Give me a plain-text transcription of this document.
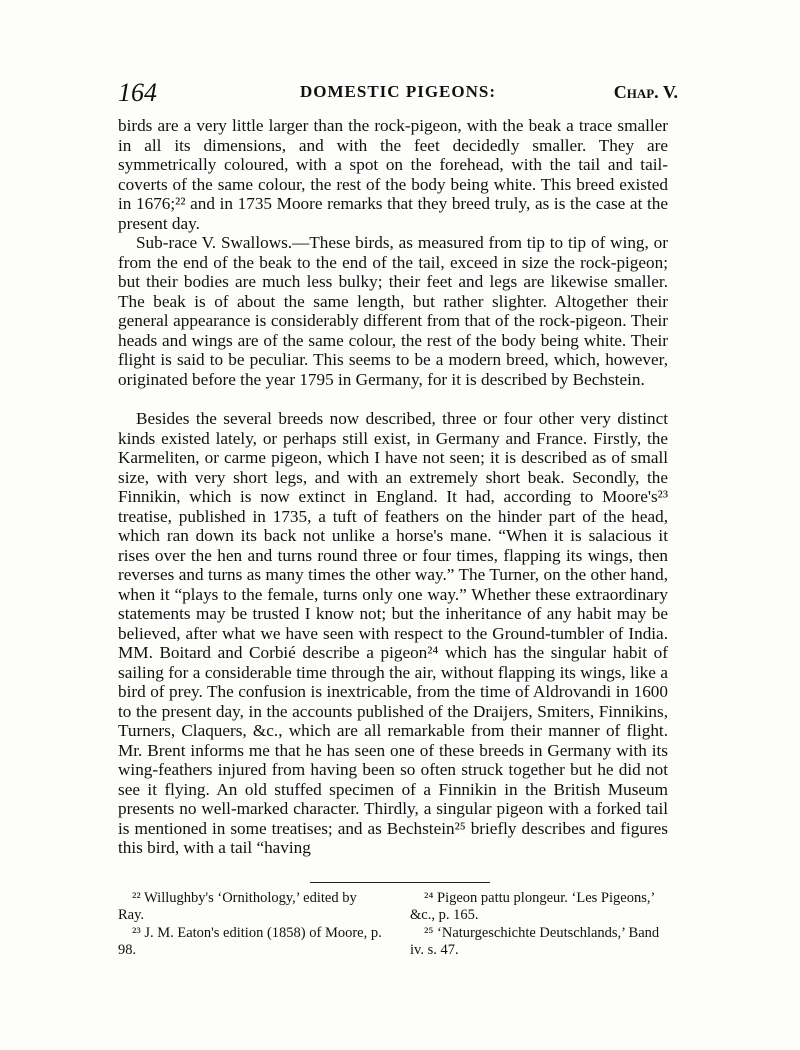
164	DOMESTIC PIGEONS:	Chap. V.

birds are a very little larger than the rock-pigeon, with the beak a trace smaller in all its dimensions, and with the feet decidedly smaller. They are symmetrically coloured, with a spot on the forehead, with the tail and tail-coverts of the same colour, the rest of the body being white. This breed existed in 1676;²² and in 1735 Moore remarks that they breed truly, as is the case at the present day.

Sub-race V. Swallows.—These birds, as measured from tip to tip of wing, or from the end of the beak to the end of the tail, exceed in size the rock-pigeon; but their bodies are much less bulky; their feet and legs are likewise smaller. The beak is of about the same length, but rather slighter. Altogether their general appearance is considerably different from that of the rock-pigeon. Their heads and wings are of the same colour, the rest of the body being white. Their flight is said to be peculiar. This seems to be a modern breed, which, however, originated before the year 1795 in Germany, for it is described by Bechstein.

Besides the several breeds now described, three or four other very distinct kinds existed lately, or perhaps still exist, in Germany and France. Firstly, the Karmeliten, or carme pigeon, which I have not seen; it is described as of small size, with very short legs, and with an extremely short beak. Secondly, the Finnikin, which is now extinct in England. It had, according to Moore's²³ treatise, published in 1735, a tuft of feathers on the hinder part of the head, which ran down its back not unlike a horse's mane. “When it is salacious it rises over the hen and turns round three or four times, flapping its wings, then reverses and turns as many times the other way.” The Turner, on the other hand, when it “plays to the female, turns only one way.” Whether these extraordinary statements may be trusted I know not; but the inheritance of any habit may be believed, after what we have seen with respect to the Ground-tumbler of India. MM. Boitard and Corbié describe a pigeon²⁴ which has the singular habit of sailing for a considerable time through the air, without flapping its wings, like a bird of prey. The confusion is inextricable, from the time of Aldrovandi in 1600 to the present day, in the accounts published of the Draijers, Smiters, Finnikins, Turners, Claquers, &c., which are all remarkable from their manner of flight. Mr. Brent informs me that he has seen one of these breeds in Germany with its wing-feathers injured from having been so often struck together but he did not see it flying. An old stuffed specimen of a Finnikin in the British Museum presents no well-marked character. Thirdly, a singular pigeon with a forked tail is mentioned in some treatises; and as Bechstein²⁵ briefly describes and figures this bird, with a tail “having

²² Willughby's ‘Ornithology,’ edited by Ray.

²³ J. M. Eaton's edition (1858) of Moore, p. 98.

²⁴ Pigeon pattu plongeur. ‘Les Pigeons,’ &c., p. 165.

²⁵ ‘Naturgeschichte Deutschlands,’ Band iv. s. 47.
